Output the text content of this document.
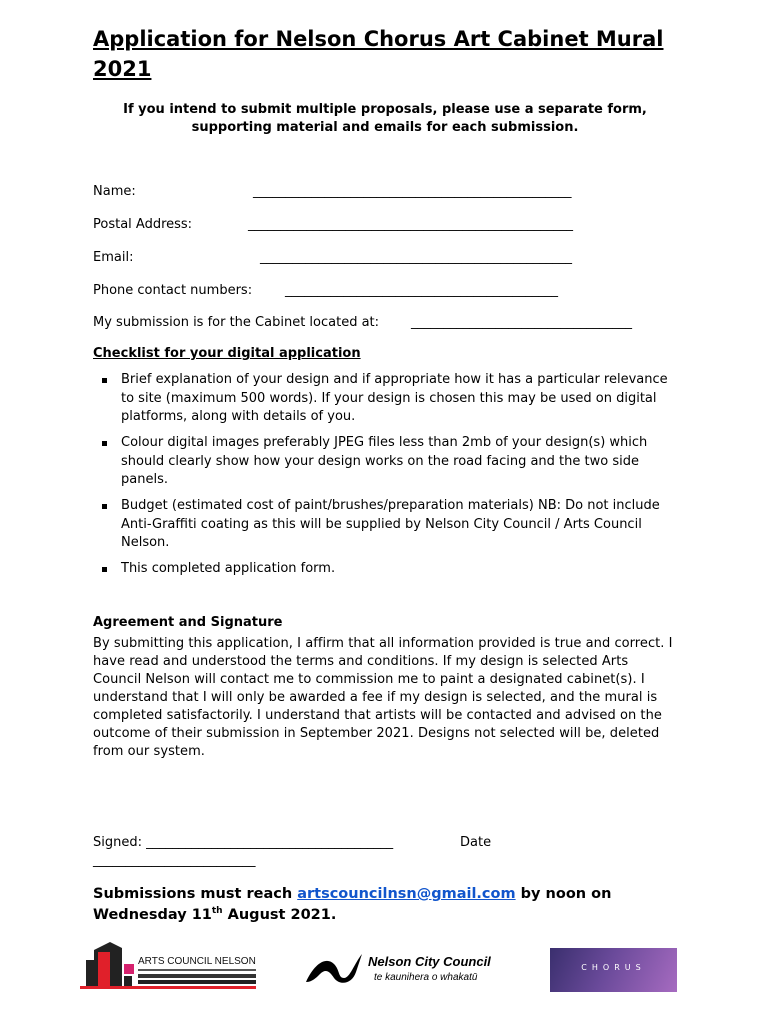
Application for Nelson Chorus Art Cabinet Mural 2021
If you intend to submit multiple proposals, please use a separate form, supporting material and emails for each submission.
Name:	_________________________________________________
Postal Address:	__________________________________________________
Email:	________________________________________________
Phone contact numbers:	__________________________________________
My submission is for the Cabinet located at: __________________________________
Checklist for your digital application
Brief explanation of your design and if appropriate how it has a particular relevance to site (maximum 500 words). If your design is chosen this may be used on digital platforms, along with details of you.
Colour digital images preferably JPEG files less than 2mb of your design(s) which should clearly show how your design works on the road facing and the two side panels.
Budget (estimated cost of paint/brushes/preparation materials) NB: Do not include Anti-Graffiti coating as this will be supplied by Nelson City Council / Arts Council Nelson.
This completed application form.
Agreement and Signature
By submitting this application, I affirm that all information provided is true and correct. I have read and understood the terms and conditions. If my design is selected Arts Council Nelson will contact me to commission me to paint a designated cabinet(s). I understand that I will only be awarded a fee if my design is selected, and the mural is completed satisfactorily. I understand that artists will be contacted and advised on the outcome of their submission in September 2021. Designs not selected will be, deleted from our system.
Signed: ______________________________________	Date
_________________________
Submissions must reach artscouncilnsn@gmail.com by noon on Wednesday 11th August 2021.
ARTS COUNCIL NELSON	Nelson City Council
te kaunihera o whakatū
CHORUS
